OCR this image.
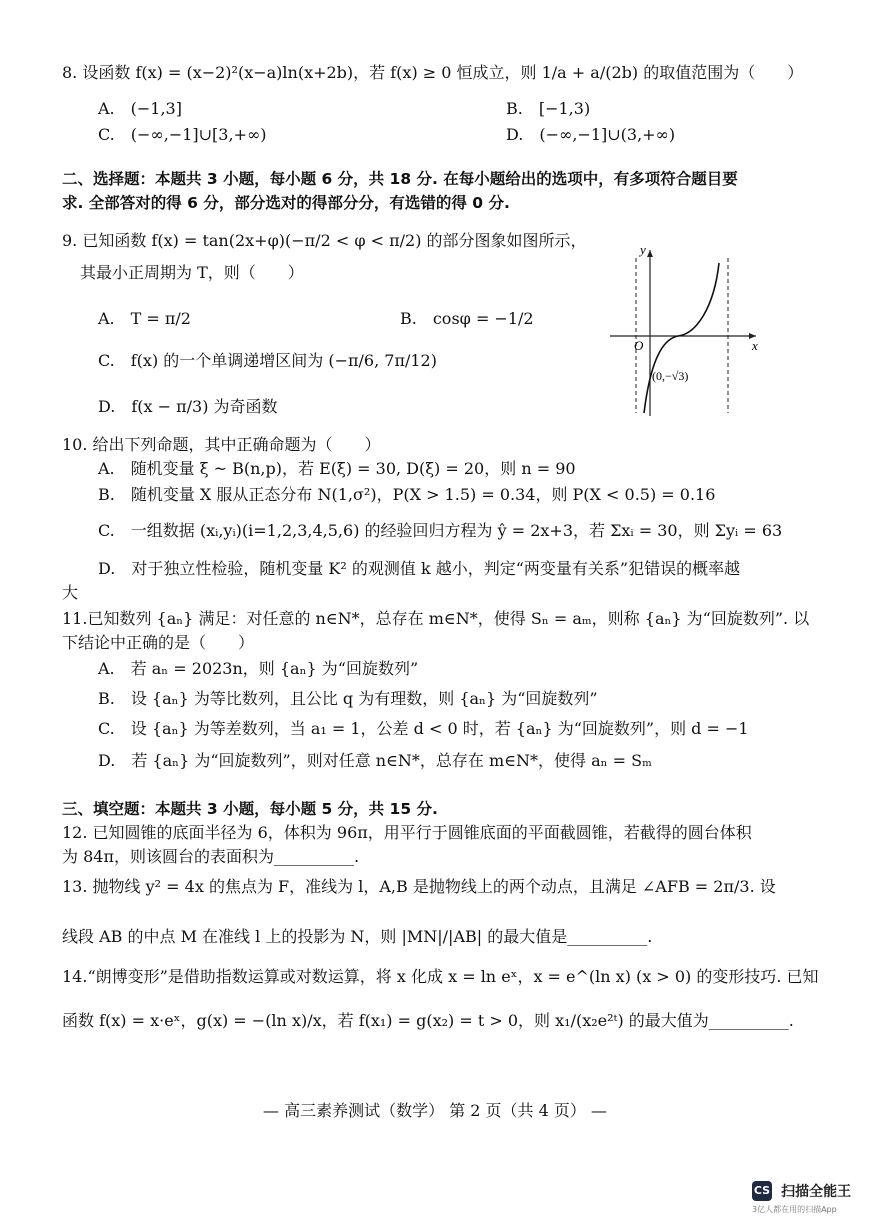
8. 设函数 f(x) = (x−2)²(x−a)ln(x+2b)，若 f(x) ≥ 0 恒成立，则 1/a + a/(2b) 的取值范围为（　　）
A.　(−1,3]	B.　[−1,3)
C.　(−∞,−1]∪[3,+∞)	D.　(−∞,−1]∪(3,+∞)
二、选择题：本题共 3 小题，每小题 6 分，共 18 分. 在每小题给出的选项中，有多项符合题目要
求. 全部答对的得 6 分，部分选对的得部分分，有选错的得 0 分.
9. 已知函数 f(x) = tan(2x+φ)(−π/2 < φ < π/2) 的部分图象如图所示，
其最小正周期为 T，则（　　）
A.　T = π/2	B.　cosφ = −1/2
C.　f(x) 的一个单调递增区间为 (−π/6, 7π/12)
D.　f(x − π/3) 为奇函数
y
x
O
(0,−√3)
10. 给出下列命题，其中正确命题为（　　）
A.　随机变量 ξ ~ B(n,p)，若 E(ξ) = 30, D(ξ) = 20，则 n = 90
B.　随机变量 X 服从正态分布 N(1,σ²)，P(X > 1.5) = 0.34，则 P(X < 0.5) = 0.16
C.　一组数据 (xᵢ,yᵢ)(i=1,2,3,4,5,6) 的经验回归方程为 ŷ = 2x+3，若 Σxᵢ = 30，则 Σyᵢ = 63
D.　对于独立性检验，随机变量 K² 的观测值 k 越小，判定“两变量有关系”犯错误的概率越
大
11.已知数列 {aₙ} 满足：对任意的 n∈N*，总存在 m∈N*，使得 Sₙ = aₘ，则称 {aₙ} 为“回旋数列”. 以
下结论中正确的是（　　）
A.　若 aₙ = 2023n，则 {aₙ} 为“回旋数列”
B.　设 {aₙ} 为等比数列，且公比 q 为有理数，则 {aₙ} 为“回旋数列”
C.　设 {aₙ} 为等差数列，当 a₁ = 1，公差 d < 0 时，若 {aₙ} 为“回旋数列”，则 d = −1
D.　若 {aₙ} 为“回旋数列”，则对任意 n∈N*，总存在 m∈N*，使得 aₙ = Sₘ
三、填空题：本题共 3 小题，每小题 5 分，共 15 分.
12. 已知圆锥的底面半径为 6，体积为 96π，用平行于圆锥底面的平面截圆锥，若截得的圆台体积
为 84π，则该圆台的表面积为__________.
13. 抛物线 y² = 4x 的焦点为 F，准线为 l，A,B 是抛物线上的两个动点，且满足 ∠AFB = 2π/3. 设
线段 AB 的中点 M 在准线 l 上的投影为 N，则 |MN|/|AB| 的最大值是__________.
14.“朗博变形”是借助指数运算或对数运算，将 x 化成 x = ln eˣ，x = e^(ln x) (x > 0) 的变形技巧. 已知
函数 f(x) = x·eˣ，g(x) = −(ln x)/x，若 f(x₁) = g(x₂) = t > 0，则 x₁/(x₂e²ᵗ) 的最大值为__________.
— 高三素养测试（数学） 第 2 页（共 4 页） —
CS 扫描全能王
3亿人都在用的扫描App
